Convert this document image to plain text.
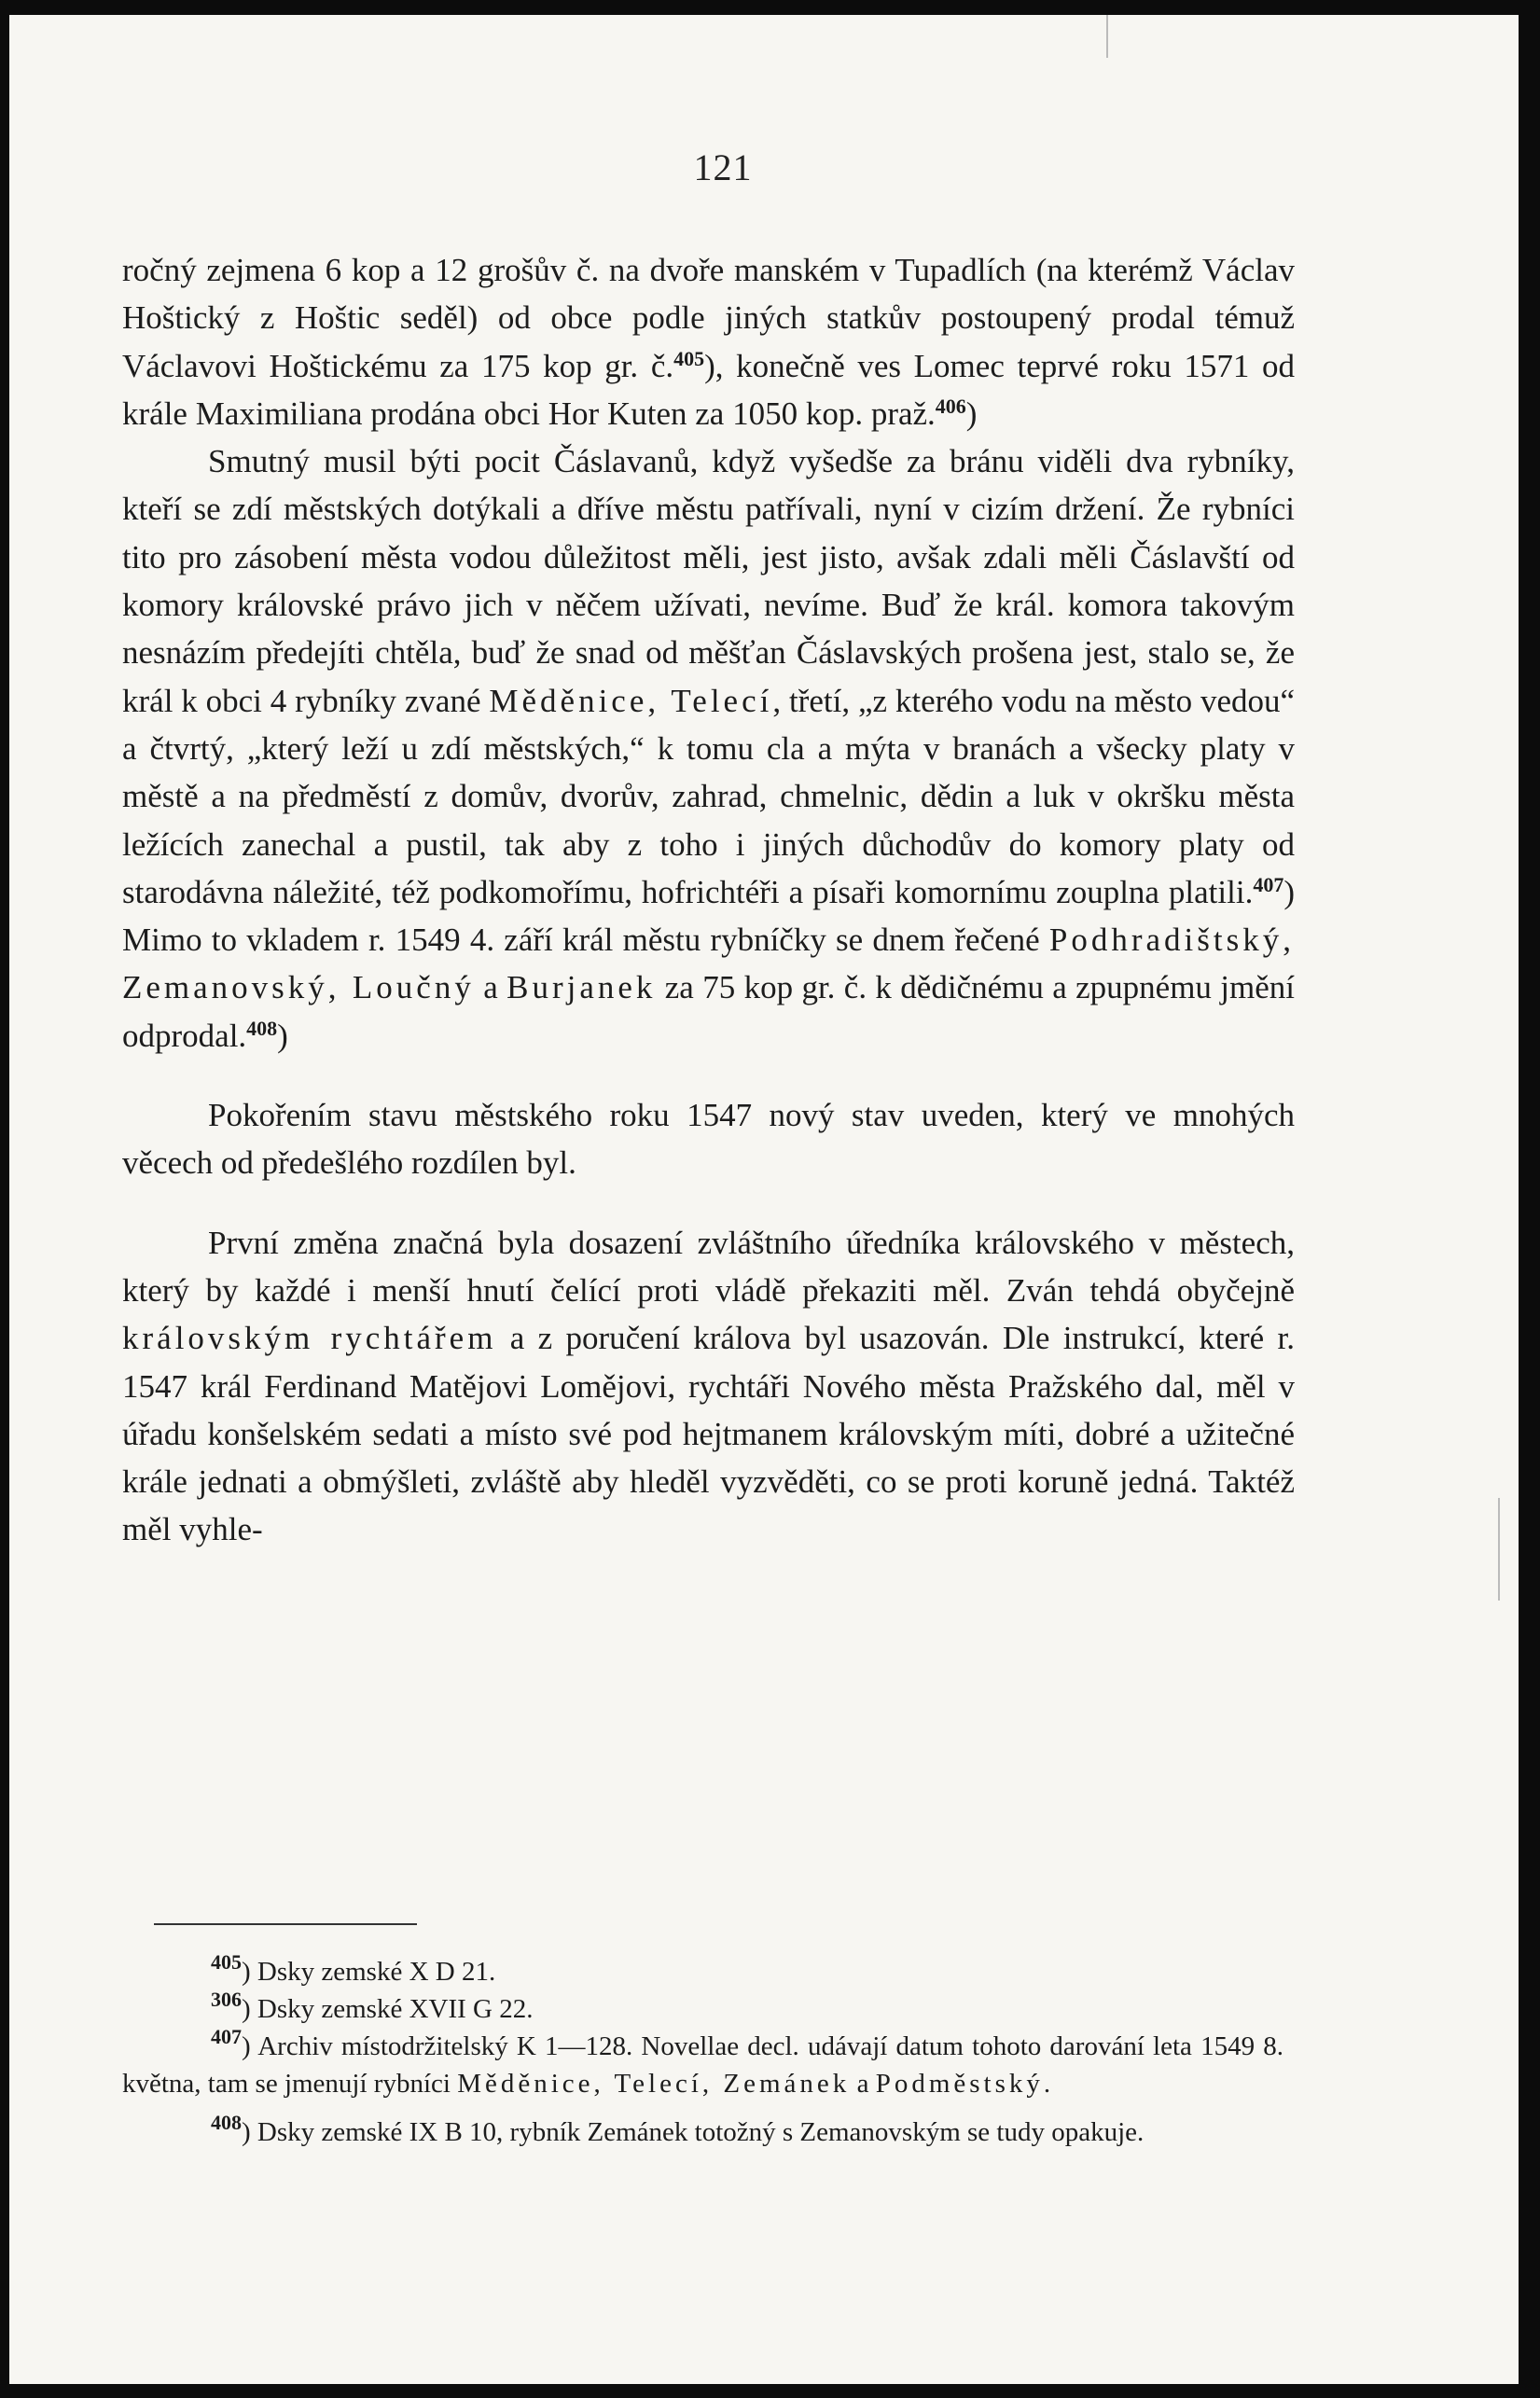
121

ročný zejmena 6 kop a 12 grošův č. na dvoře manském v Tupadlích (na kterémž Václav Hoštický z Hoštic seděl) od obce podle jiných statkův postoupený prodal témuž Václavovi Hoštickému za 175 kop gr. č.$^{405}$), konečně ves Lomec teprvé roku 1571 od krále Maximiliana prodána obci Hor Kuten za 1050 kop. praž.$^{406}$)

Smutný musil býti pocit Čáslavanů, když vyšedše za bránu viděli dva rybníky, kteří se zdí městských dotýkali a dříve městu patřívali, nyní v cizím držení. Že rybníci tito pro zásobení města vodou důležitost měli, jest jisto, avšak zdali měli Čáslavští od komory královské právo jich v něčem užívati, nevíme. Buď že král. komora takovým nesnázím předejíti chtěla, buď že snad od měšťan Čáslavských prošena jest, stalo se, že král k obci 4 rybníky zvané Měděnice, Telecí, třetí, „z kterého vodu na město vedou“ a čtvrtý, „který leží u zdí městských,“ k tomu cla a mýta v branách a všecky platy v městě a na předměstí z domův, dvorův, zahrad, chmelnic, dědin a luk v okršku města ležících zanechal a pustil, tak aby z toho i jiných důchodův do komory platy od starodávna náležité, též podkomořímu, hofrichtéři a písaři komornímu zouplna platili.$^{407}$) Mimo to vkladem r. 1549 4. září král městu rybníčky se dnem řečené Podhradištský, Zemanovský, Loučný a Burjanek za 75 kop gr. č. k dědičnému a zpupnému jmění odprodal.$^{408}$)

Pokořením stavu městského roku 1547 nový stav uveden, který ve mnohých věcech od předešlého rozdílen byl.

První změna značná byla dosazení zvláštního úředníka královského v městech, který by každé i menší hnutí čelící proti vládě překaziti měl. Zván tehdá obyčejně královským rychtářem a z poručení králova byl usazován. Dle instrukcí, které r. 1547 král Ferdinand Matějovi Lomějovi, rychtáři Nového města Pražského dal, měl v úřadu konšelském sedati a místo své pod hejtmanem královským míti, dobré a užitečné krále jednati a obmýšleti, zvláště aby hleděl vyzvěděti, co se proti koruně jedná. Taktéž měl vyhle-

$^{405}$) Dsky zemské X D 21.

$^{306}$) Dsky zemské XVII G 22.

$^{407}$) Archiv místodržitelský K 1—128. Novellae decl. udávají datum tohoto darování leta 1549 8. května, tam se jmenují rybníci Měděnice, Telecí, Zemánek a Podměstský.

$^{408}$) Dsky zemské IX B 10, rybník Zemánek totožný s Zemanovským se tudy opakuje.
